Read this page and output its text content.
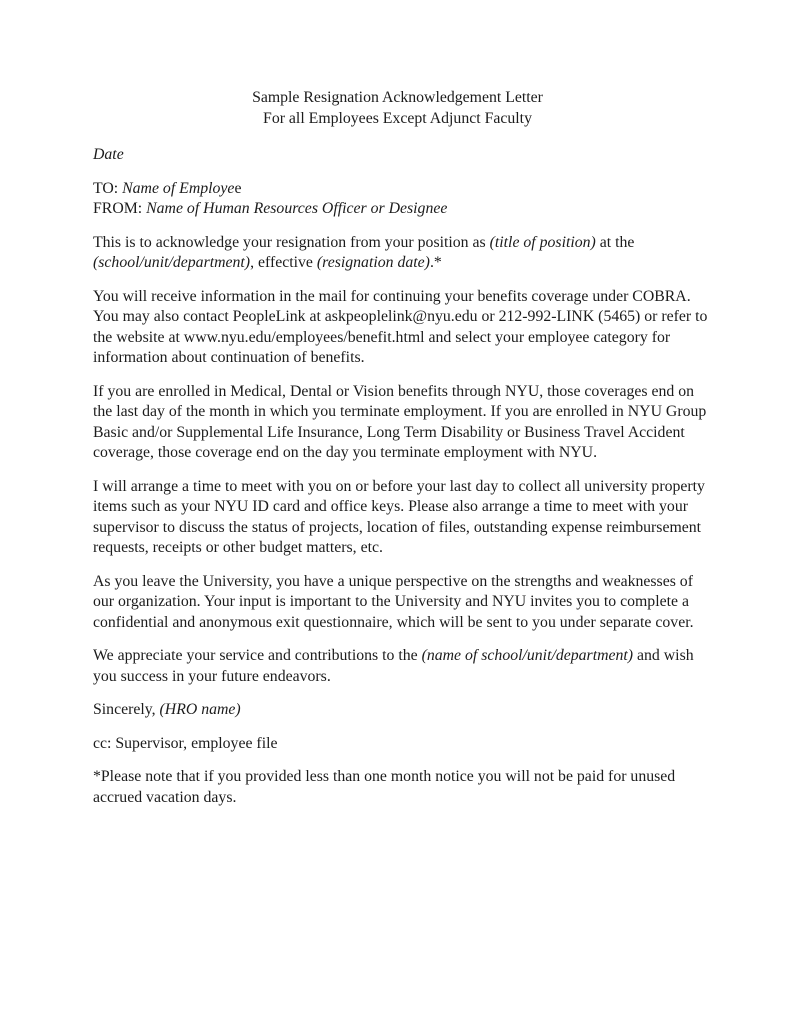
Sample Resignation Acknowledgement Letter
For all Employees Except Adjunct Faculty
Date
TO: Name of Employee
FROM: Name of Human Resources Officer or Designee
This is to acknowledge your resignation from your position as (title of position) at the
(school/unit/department), effective (resignation date).*
You will receive information in the mail for continuing your benefits coverage under COBRA.
You may also contact PeopleLink at askpeoplelink@nyu.edu or 212-992-LINK (5465) or refer to
the website at www.nyu.edu/employees/benefit.html and select your employee category for
information about continuation of benefits.
If you are enrolled in Medical, Dental or Vision benefits through NYU, those coverages end on
the last day of the month in which you terminate employment. If you are enrolled in NYU Group
Basic and/or Supplemental Life Insurance, Long Term Disability or Business Travel Accident
coverage, those coverage end on the day you terminate employment with NYU.
I will arrange a time to meet with you on or before your last day to collect all university property
items such as your NYU ID card and office keys. Please also arrange a time to meet with your
supervisor to discuss the status of projects, location of files, outstanding expense reimbursement
requests, receipts or other budget matters, etc.
As you leave the University, you have a unique perspective on the strengths and weaknesses of
our organization. Your input is important to the University and NYU invites you to complete a
confidential and anonymous exit questionnaire, which will be sent to you under separate cover.
We appreciate your service and contributions to the (name of school/unit/department) and wish
you success in your future endeavors.
Sincerely, (HRO name)
cc: Supervisor, employee file
*Please note that if you provided less than one month notice you will not be paid for unused
accrued vacation days.
